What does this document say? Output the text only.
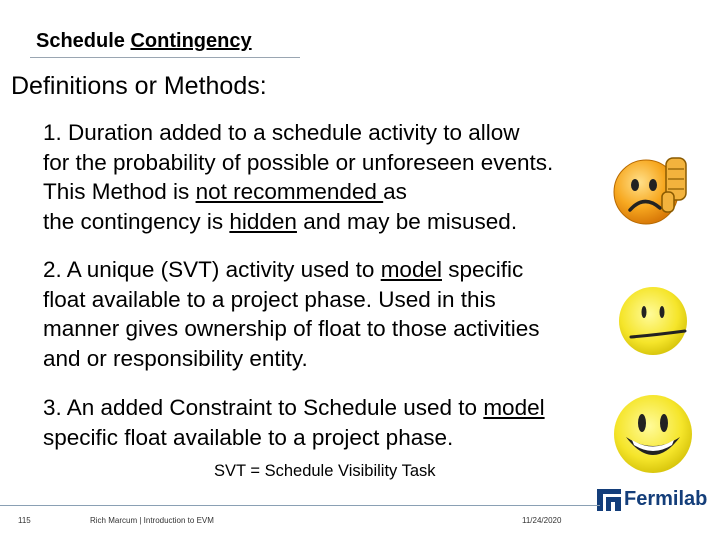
Schedule Contingency
Definitions or Methods:
1. Duration added to a schedule activity to allow
for the probability of possible or unforeseen events.
This Method is not recommended as
the contingency is hidden and may be misused.
2. A unique (SVT) activity used to model specific
float available to a project phase. Used in this
manner gives ownership of float to those activities
and or responsibility entity.
3. An added Constraint to Schedule used to model
specific float available to a project phase.
SVT = Schedule Visibility Task
Fermilab
115	Rich Marcum | Introduction to EVM	11/24/2020
